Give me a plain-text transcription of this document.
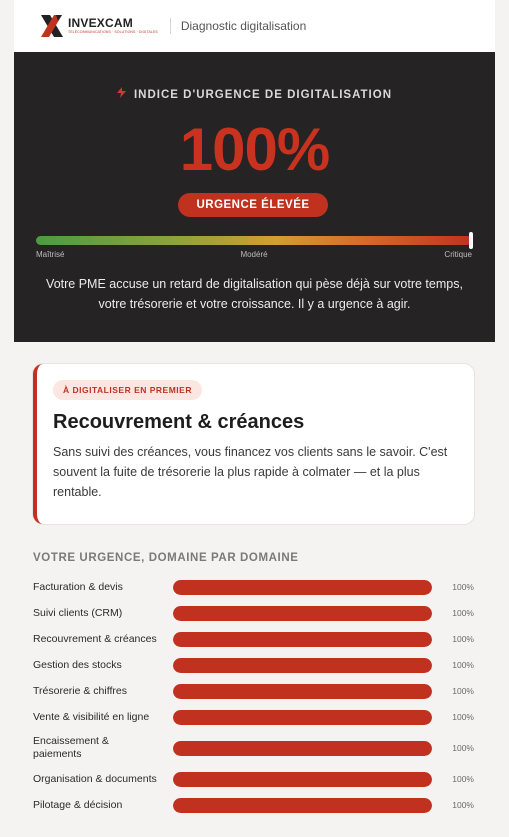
INVEXCAM
TELECOMMUNICATIONS · SOLUTIONS · DIGITALES Diagnostic digitalisation
INDICE D'URGENCE DE DIGITALISATION
100%
URGENCE ÉLEVÉE
Maîtrisé	Modéré	Critique

Votre PME accuse un retard de digitalisation qui pèse déjà sur votre temps, votre trésorerie et votre croissance. Il y a urgence à agir.

À DIGITALISER EN PREMIER
Recouvrement & créances

Sans suivi des créances, vous financez vos clients sans le savoir. C'est souvent la fuite de trésorerie la plus rapide à colmater — et la plus rentable.

VOTRE URGENCE, DOMAINE PAR DOMAINE
Facturation & devis	100%
Suivi clients (CRM)	100%
Recouvrement & créances	100%
Gestion des stocks	100%
Trésorerie & chiffres	100%
Vente & visibilité en ligne	100%
Encaissement & paiements	100%
Organisation & documents	100%
Pilotage & décision	100%
